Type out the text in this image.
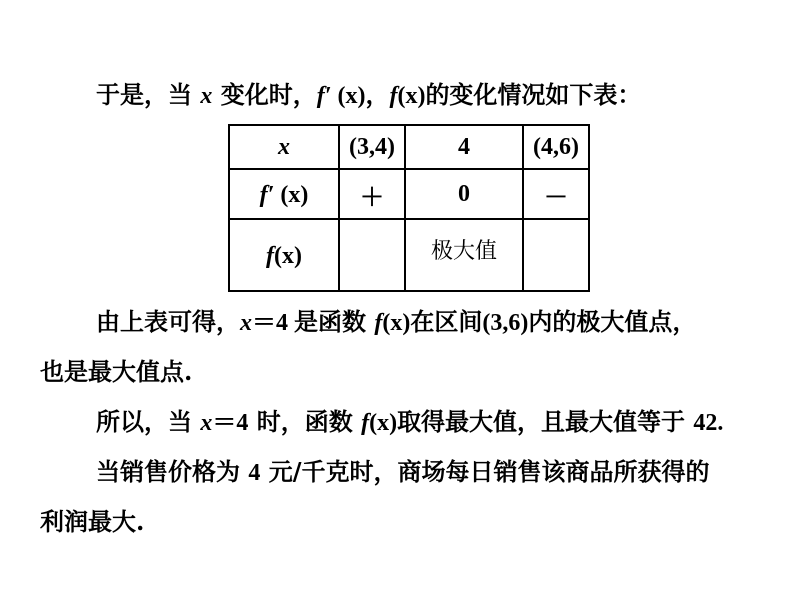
于是，当 x 变化时，f′ (x)，f(x)的变化情况如下表：
x	(3,4)	4	(4,6)
f′ (x)	＋	0	－
f(x)		极大值	
由上表可得，x＝4 是函数 f(x)在区间(3,6)内的极大值点，
也是最大值点.
所以，当 x＝4 时，函数 f(x)取得最大值，且最大值等于 42.
当销售价格为 4 元/千克时，商场每日销售该商品所获得的
利润最大.
